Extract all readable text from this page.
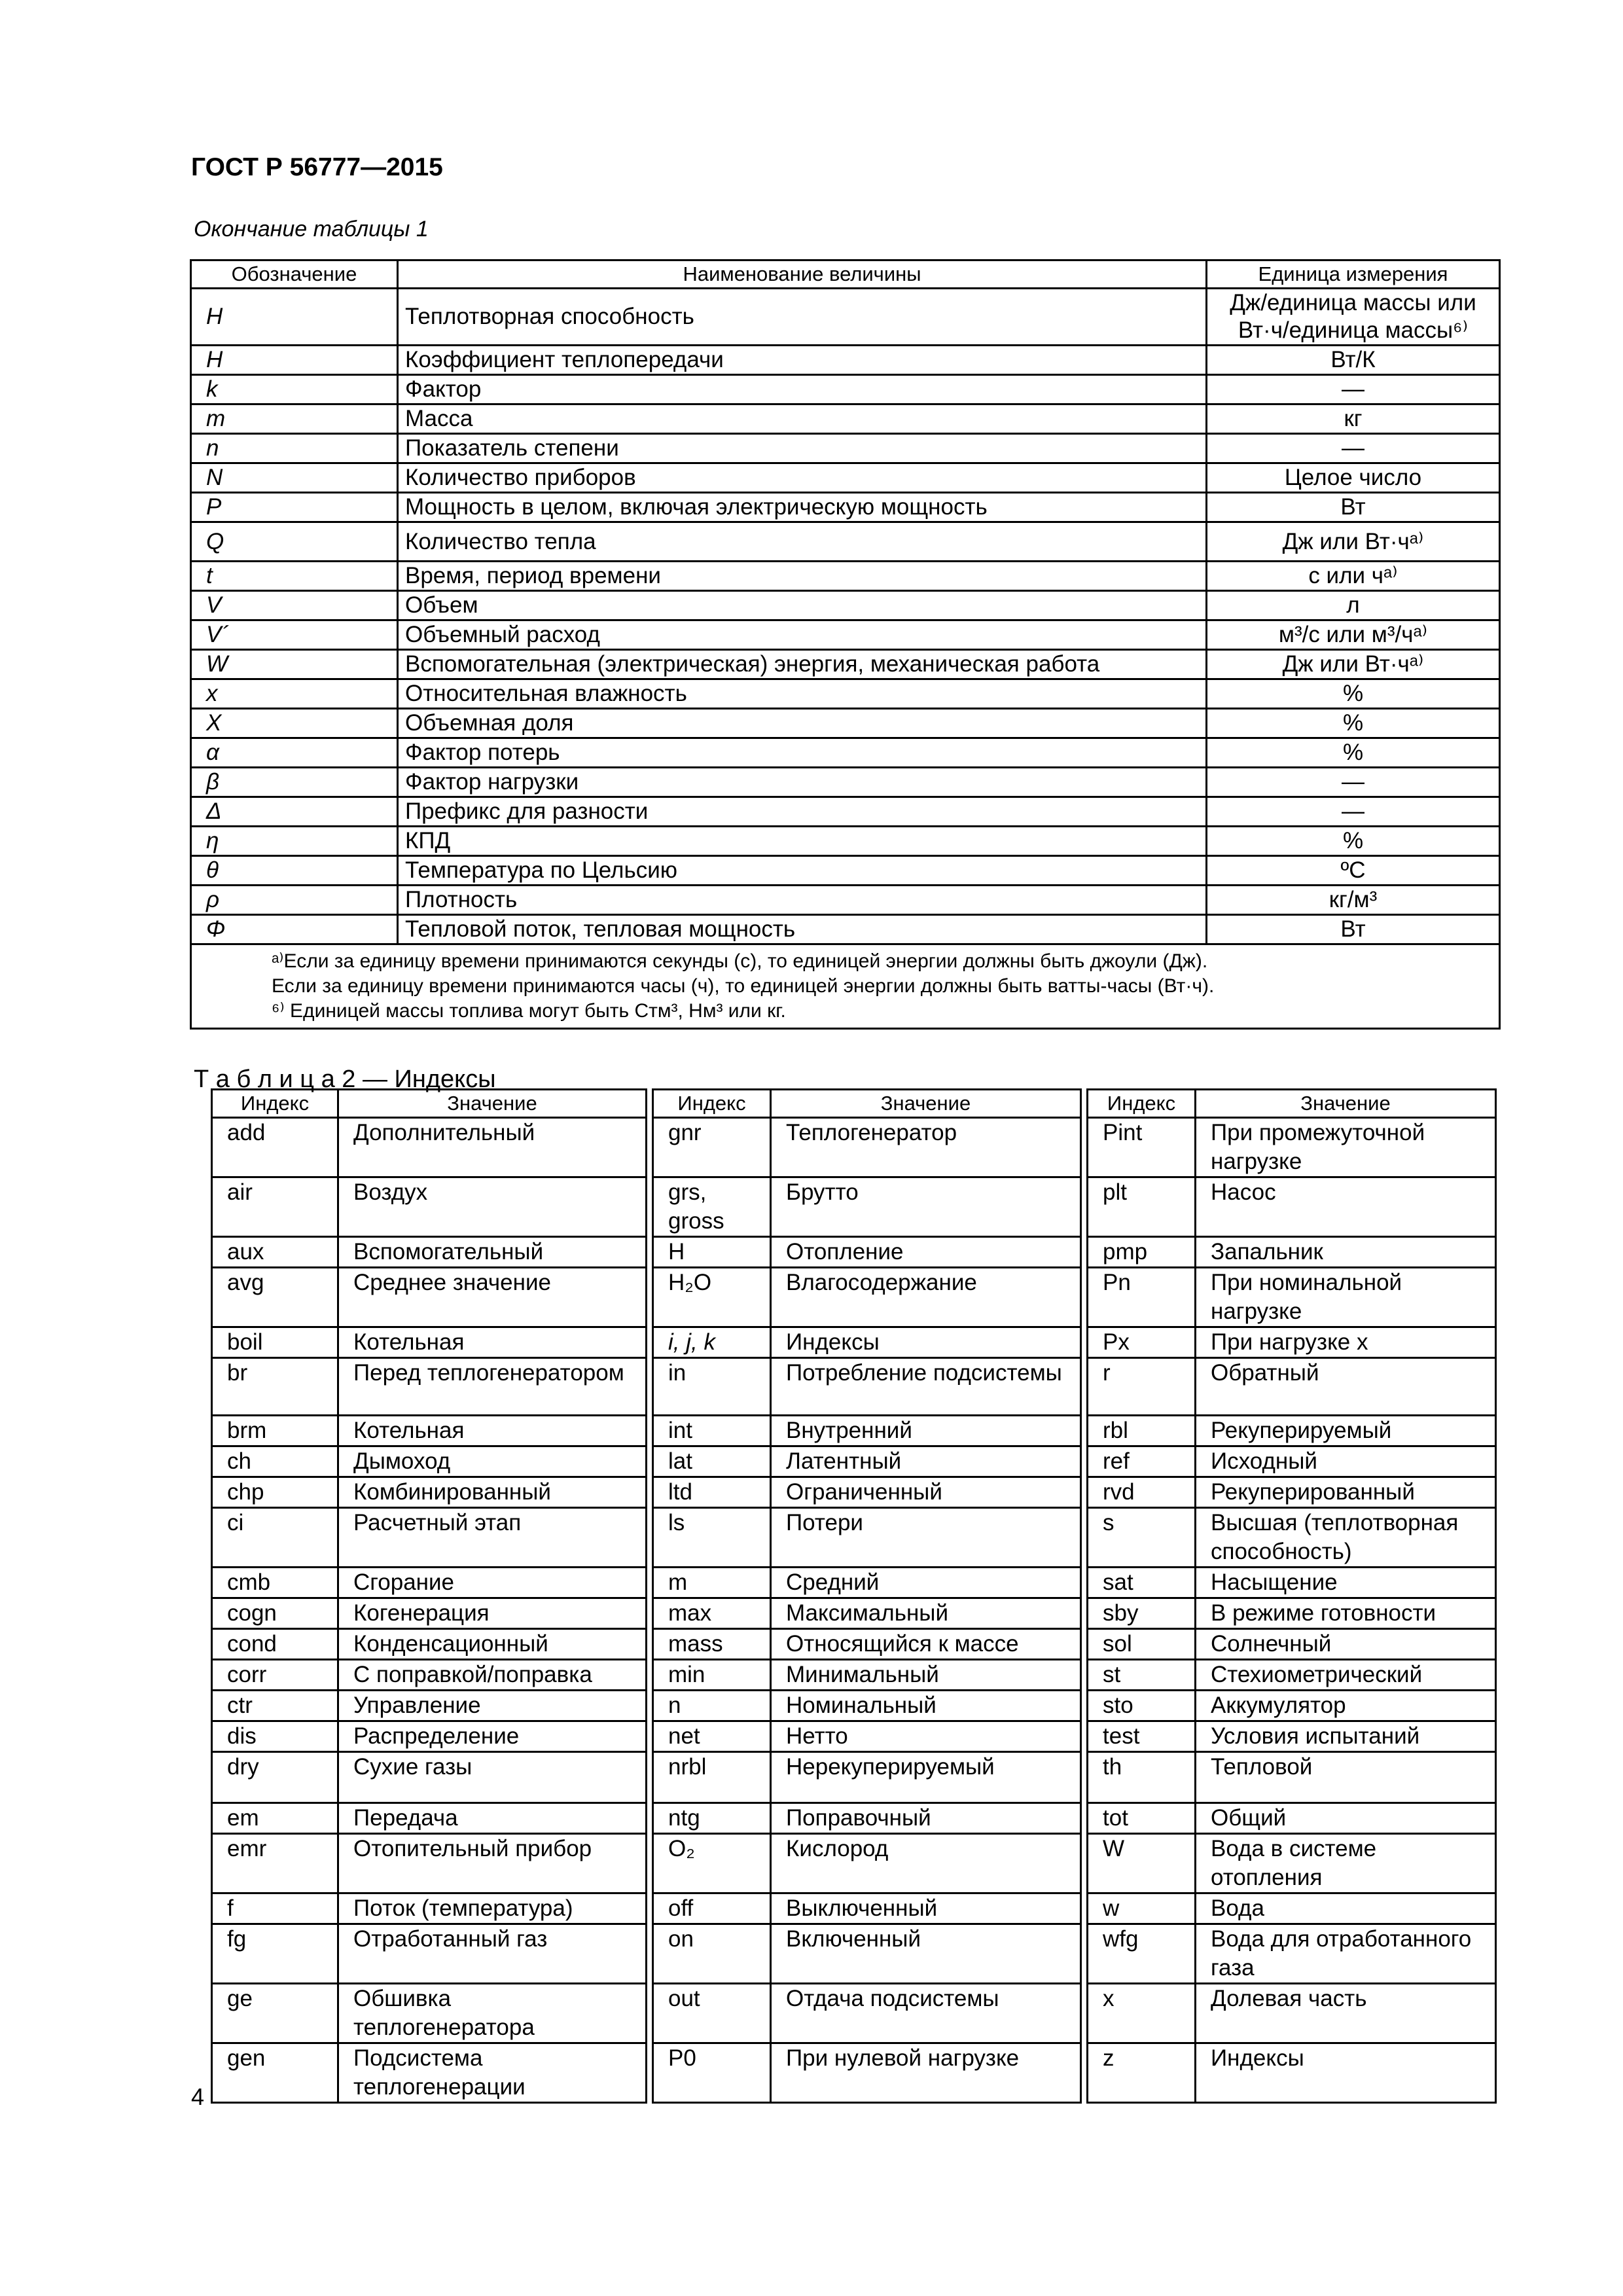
ГОСТ Р 56777—2015
Окончание таблицы 1
Обозначение	Наименование величины	Единица измерения
H	Теплотворная способность	Дж/единица массы или Вт·ч/единица массы⁶⁾
H	Коэффициент теплопередачи	Вт/К
k	Фактор	—
m	Масса	кг
n	Показатель степени	—
N	Количество приборов	Целое число
P	Мощность в целом, включая электрическую мощность	Вт
Q	Количество тепла	Дж или Вт·чᵃ⁾
t	Время, период времени	с или чᵃ⁾
V	Объем	л
V´	Объемный расход	м³/с или м³/чᵃ⁾
W	Вспомогательная (электрическая) энергия, механическая работа	Дж или Вт·чᵃ⁾
x	Относительная влажность	%
X	Объемная доля	%
α	Фактор потерь	%
β	Фактор нагрузки	—
Δ	Префикс для разности	—
η	КПД	%
θ	Температура по Цельсию	ºС
ρ	Плотность	кг/м³
Φ	Тепловой поток, тепловая мощность	Вт

ᵃ⁾Если за единицу времени принимаются секунды (с), то единицей энергии должны быть джоули (Дж).
Если за единицу времени принимаются часы (ч), то единицей энергии должны быть ватты-часы (Вт·ч).
⁶⁾ Единицей массы топлива могут быть Стм³, Нм³ или кг.		
Т а б л и ц а 2 — Индексы
Индекс	Значение		Индекс	Значение		Индекс	Значение
add	Дополнительный		gnr	Теплогенератор		Pint	При промежуточной нагрузке
air	Воздух		grs, gross	Брутто		plt	Насос
aux	Вспомогательный		H	Отопление		pmp	Запальник
avg	Среднее значение		H₂O	Влагосодержание		Pn	При номинальной нагрузке
boil	Котельная		i, j, k	Индексы		Px	При нагрузке x
br	Перед теплогенератором		in	Потребление подсистемы		r	Обратный
brm	Котельная		int	Внутренний		rbl	Рекуперируемый
ch	Дымоход		lat	Латентный		ref	Исходный
chp	Комбинированный		ltd	Ограниченный		rvd	Рекуперированный
ci	Расчетный этап		ls	Потери		s	Высшая (теплотворная способность)
cmb	Сгорание		m	Средний		sat	Насыщение
cogn	Когенерация		max	Максимальный		sby	В режиме готовности
cond	Конденсационный		mass	Относящийся к массе		sol	Солнечный
corr	С поправкой/поправка		min	Минимальный		st	Стехиометрический
ctr	Управление		n	Номинальный		sto	Аккумулятор
dis	Распределение		net	Нетто		test	Условия испытаний
dry	Сухие газы		nrbl	Нерекуперируемый		th	Тепловой
em	Передача		ntg	Поправочный		tot	Общий
emr	Отопительный прибор		O₂	Кислород		W	Вода в системе отопления
f	Поток (температура)		off	Выключенный		w	Вода
fg	Отработанный газ		on	Включенный		wfg	Вода для отработанного газа
ge	Обшивка теплогенератора		out	Отдача подсистемы		x	Долевая часть
gen	Подсистема теплогенерации		P0	При нулевой нагрузке		z	Индексы
4
